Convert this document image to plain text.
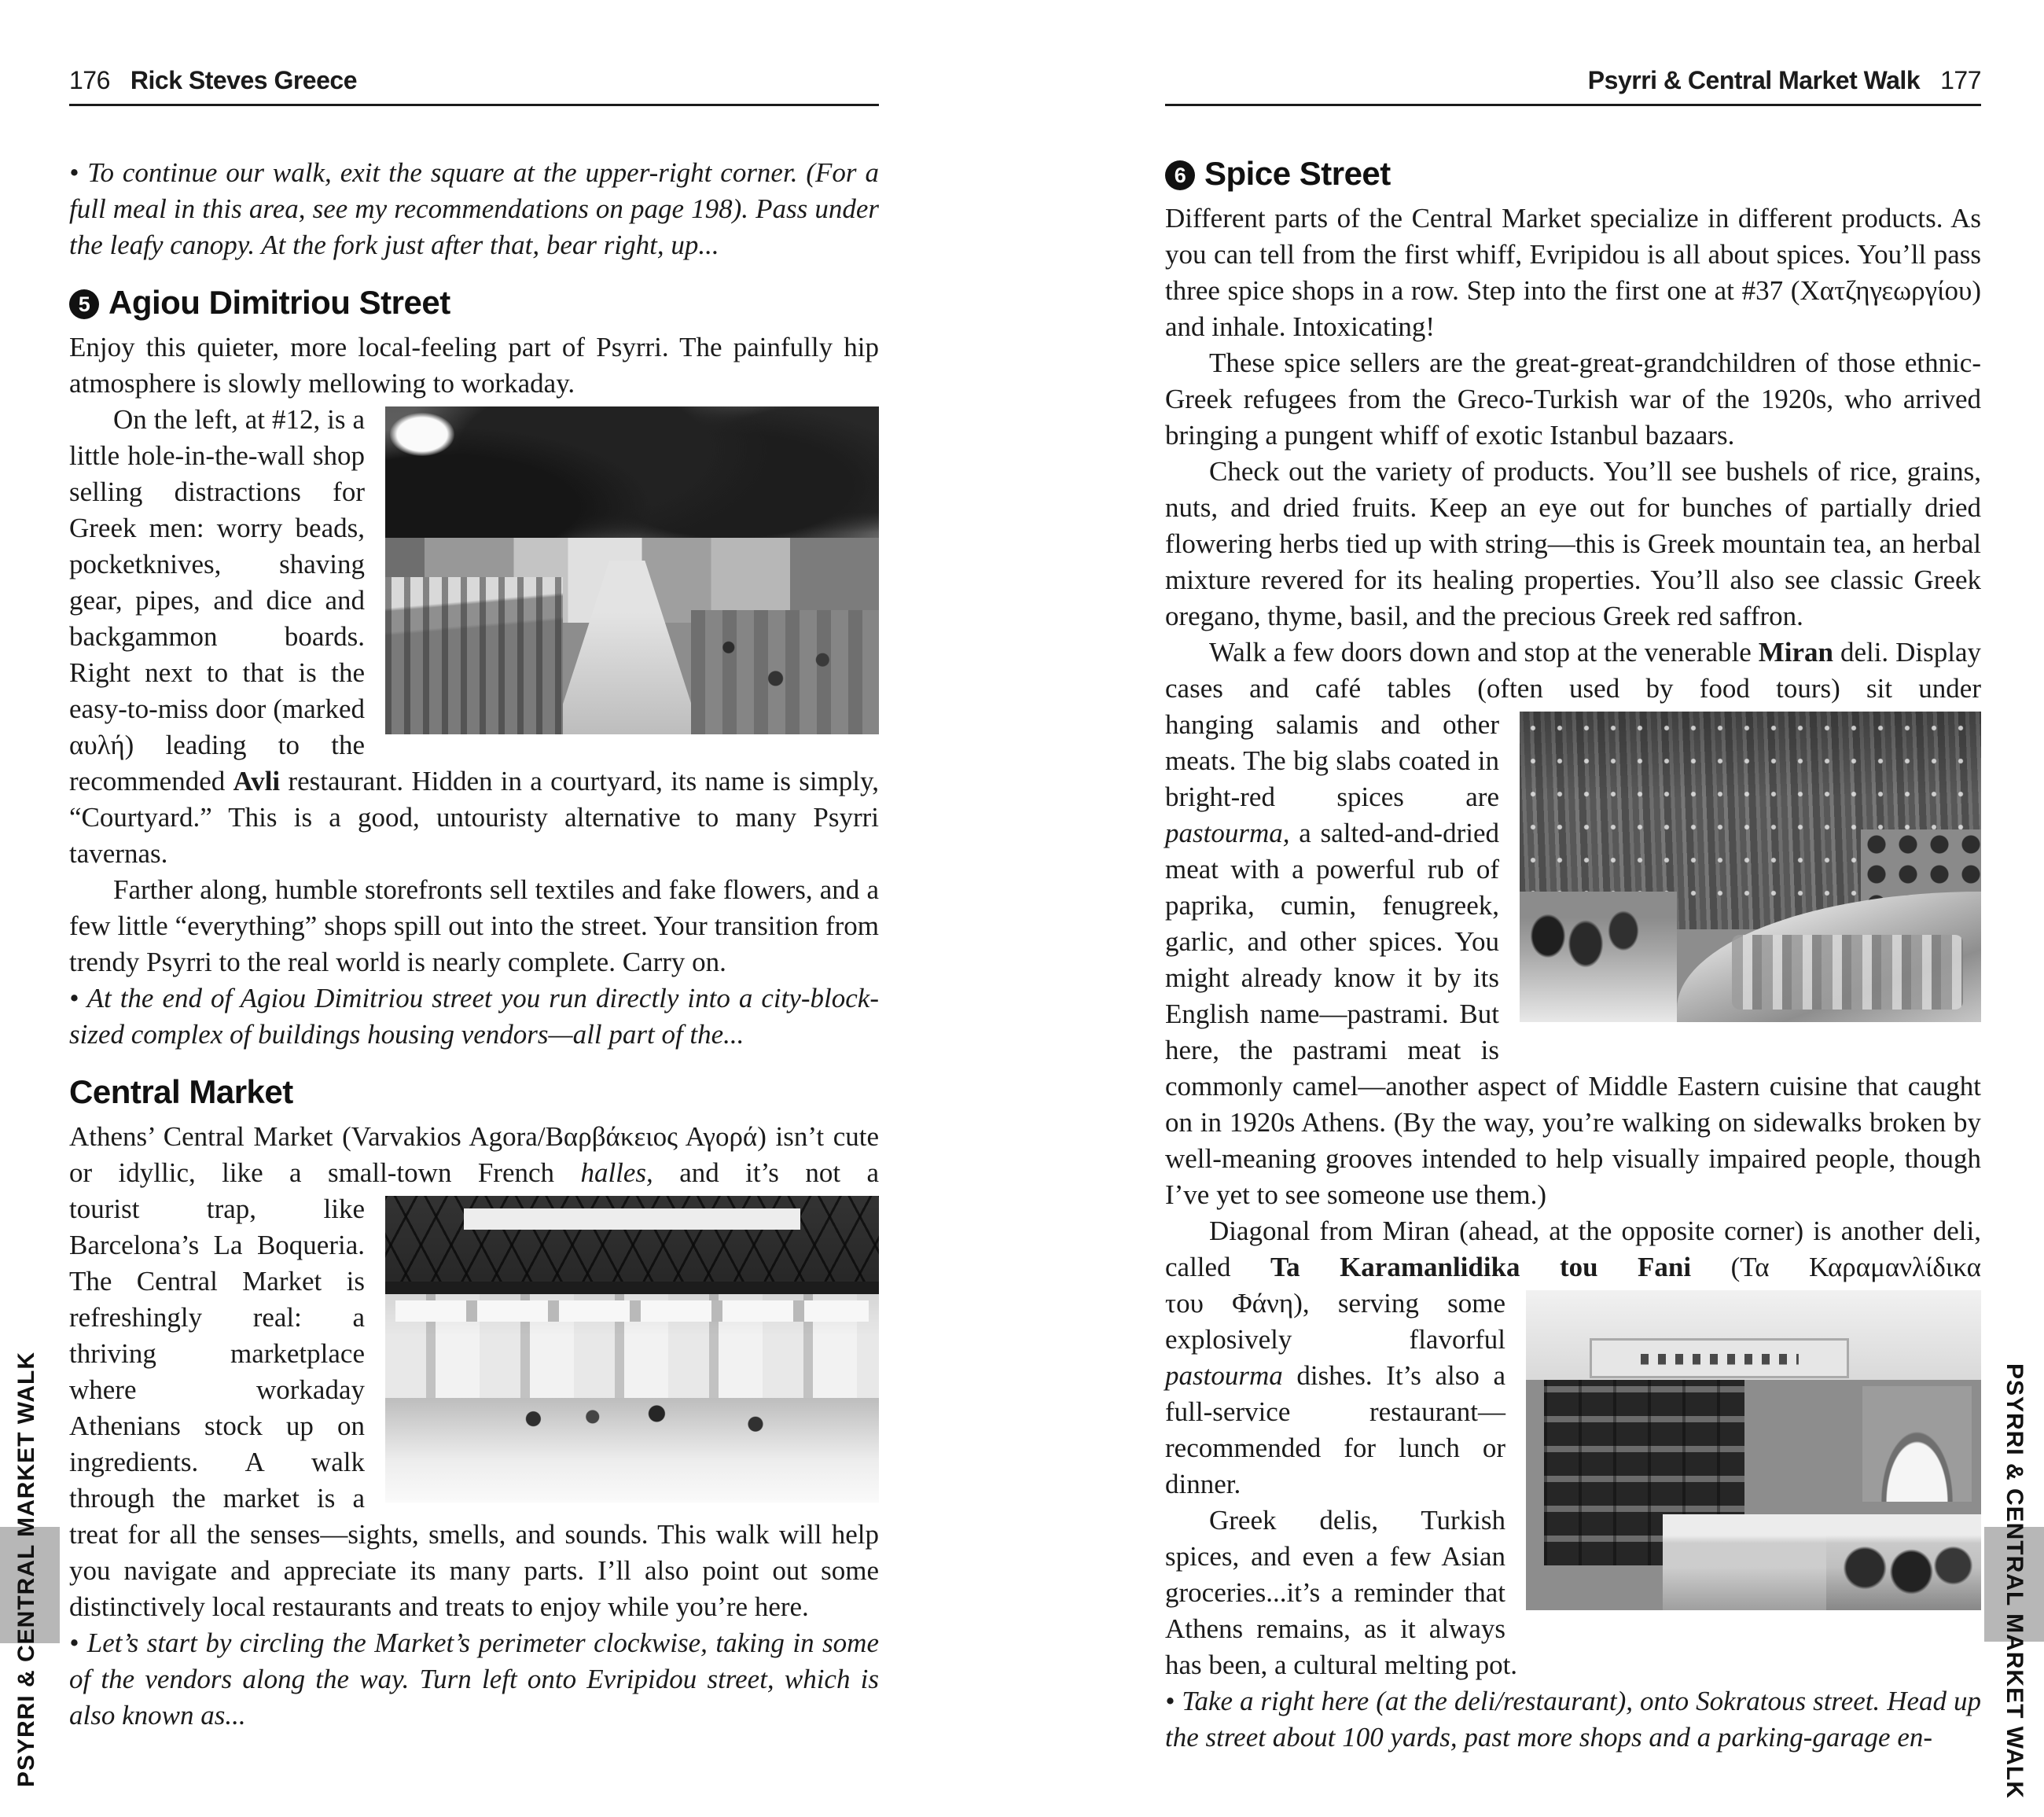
176 Rick Steves Greece

• To continue our walk, exit the square at the upper-right corner. (For a full meal in this area, see my recommendations on page 198). Pass under the leafy canopy. At the fork just after that, bear right, up...

5 Agiou Dimitriou Street

Enjoy this quieter, more local-feeling part of Psyrri. The painfully hip atmosphere is slowly mellowing to workaday.

On the left, at #12, is a little hole-in-the-wall shop selling distractions for Greek men: worry beads, pocketknives, shaving gear, pipes, and dice and backgammon boards. Right next to that is the easy-to-miss door (marked αυλή) leading to the recommended Avli restaurant. Hidden in a courtyard, its name is simply, “Courtyard.” This is a good, untouristy alternative to many Psyrri tavernas.

Farther along, humble storefronts sell textiles and fake flowers, and a few little “everything” shops spill out into the street. Your transition from trendy Psyrri to the real world is nearly complete. Carry on.

• At the end of Agiou Dimitriou street you run directly into a city-block-sized complex of buildings housing vendors—all part of the...

Central Market

Athens’ Central Market (Varvakios Agora/Βαρβάκειος Αγορά) isn’t cute or idyllic, like a small-town French halles, and it’s not a

tourist trap, like Barcelona’s La Boqueria. The Central Market is refreshingly real: a thriving marketplace where workaday Athenians stock up on ingredients. A walk through the market is a treat for all the senses—sights, smells, and sounds. This walk will help you navigate and appreciate its many parts. I’ll also point out some distinctively local restaurants and treats to enjoy while you’re here.

• Let’s start by circling the Market’s perimeter clockwise, taking in some of the vendors along the way. Turn left onto Evripidou street, which is also known as...

Psyrri & Central Market Walk 177
6 Spice Street

Different parts of the Central Market specialize in different products. As you can tell from the first whiff, Evripidou is all about spices. You’ll pass three spice shops in a row. Step into the first one at #37 (Χατζηγεωργίου) and inhale. Intoxicating!

These spice sellers are the great-great-grandchildren of those ethnic-Greek refugees from the Greco-Turkish war of the 1920s, who arrived bringing a pungent whiff of exotic Istanbul bazaars.

Check out the variety of products. You’ll see bushels of rice, grains, nuts, and dried fruits. Keep an eye out for bunches of partially dried flowering herbs tied up with string—this is Greek mountain tea, an herbal mixture revered for its healing properties. You’ll also see classic Greek oregano, thyme, basil, and the precious Greek red saffron.

Walk a few doors down and stop at the venerable Miran deli. Display cases and café tables (often used by food tours) sit under

hanging salamis and other meats. The big slabs coated in bright-red spices are pastourma, a salted-and-dried meat with a powerful rub of paprika, cumin, fenugreek, garlic, and other spices. You might already know it by its English name—pastrami. But here, the pastrami meat is commonly camel—another aspect of Middle Eastern cuisine that caught on in 1920s Athens. (By the way, you’re walking on sidewalks broken by well-meaning grooves intended to help visually impaired people, though I’ve yet to see someone use them.)

Diagonal from Miran (ahead, at the opposite corner) is another deli, called Ta Karamanlidika tou Fani (Τα Καραμανλίδικα

του Φάνη), serving some explosively flavorful pastourma dishes. It’s also a full-service restaurant—recommended for lunch or dinner.

Greek delis, Turkish spices, and even a few Asian groceries...it’s a reminder that Athens remains, as it always has been, a cultural melting pot.

• Take a right here (at the deli/restaurant), onto Sokratous street. Head up the street about 100 yards, past more shops and a parking-garage en-

PSYRRI & CENTRAL MARKET WALK	PSYRRI & CENTRAL MARKET WALK
